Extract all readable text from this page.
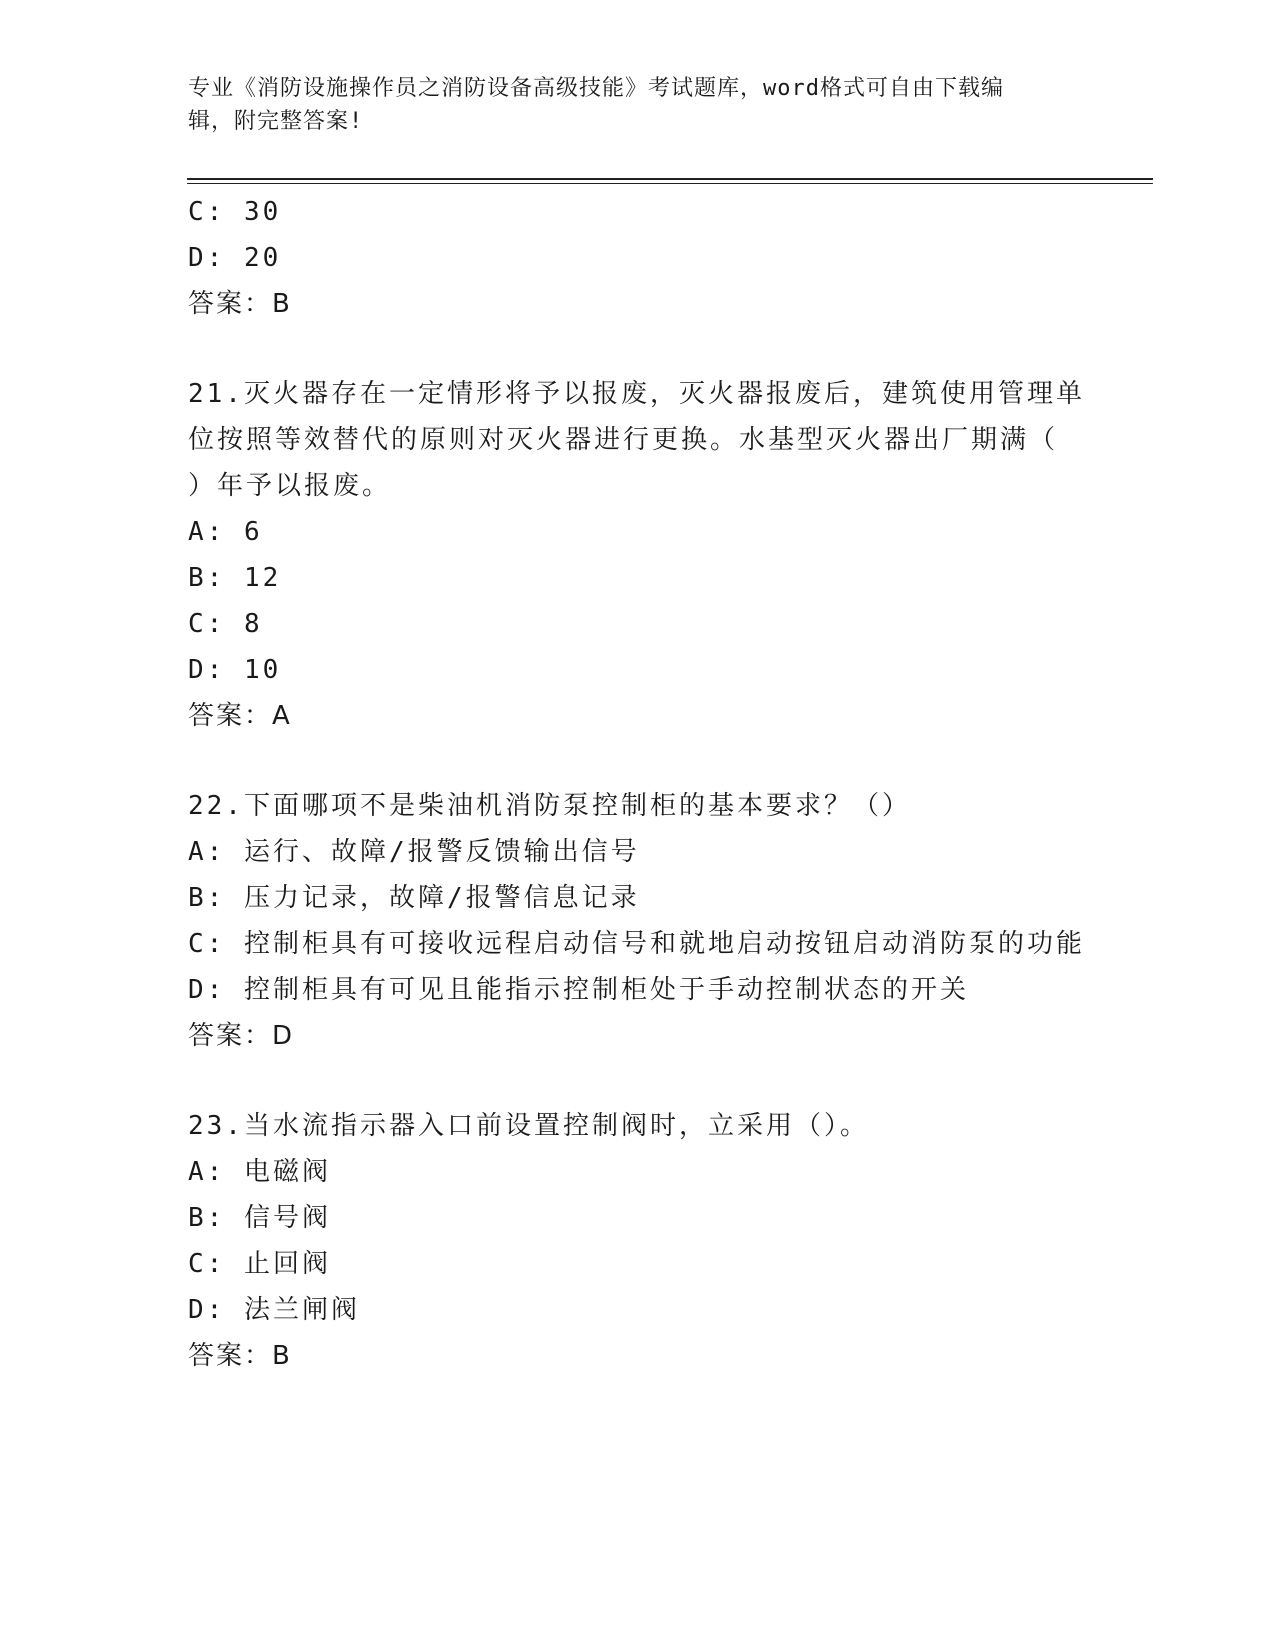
专业《消防设施操作员之消防设备高级技能》考试题库，word格式可自由下载编
辑，附完整答案!
C: 30
D: 20
答案：B
21.灭火器存在一定情形将予以报废，灭火器报废后，建筑使用管理单
位按照等效替代的原则对灭火器进行更换。水基型灭火器出厂期满（
）年予以报废。
A: 6
B: 12
C: 8
D: 10
答案：A
22.下面哪项不是柴油机消防泵控制柜的基本要求？（）
A: 运行、故障/报警反馈输出信号
B: 压力记录，故障/报警信息记录
C: 控制柜具有可接收远程启动信号和就地启动按钮启动消防泵的功能
D: 控制柜具有可见且能指示控制柜处于手动控制状态的开关
答案：D
23.当水流指示器入口前设置控制阀时，立采用（）。
A: 电磁阀
B: 信号阀
C: 止回阀
D: 法兰闸阀
答案：B
